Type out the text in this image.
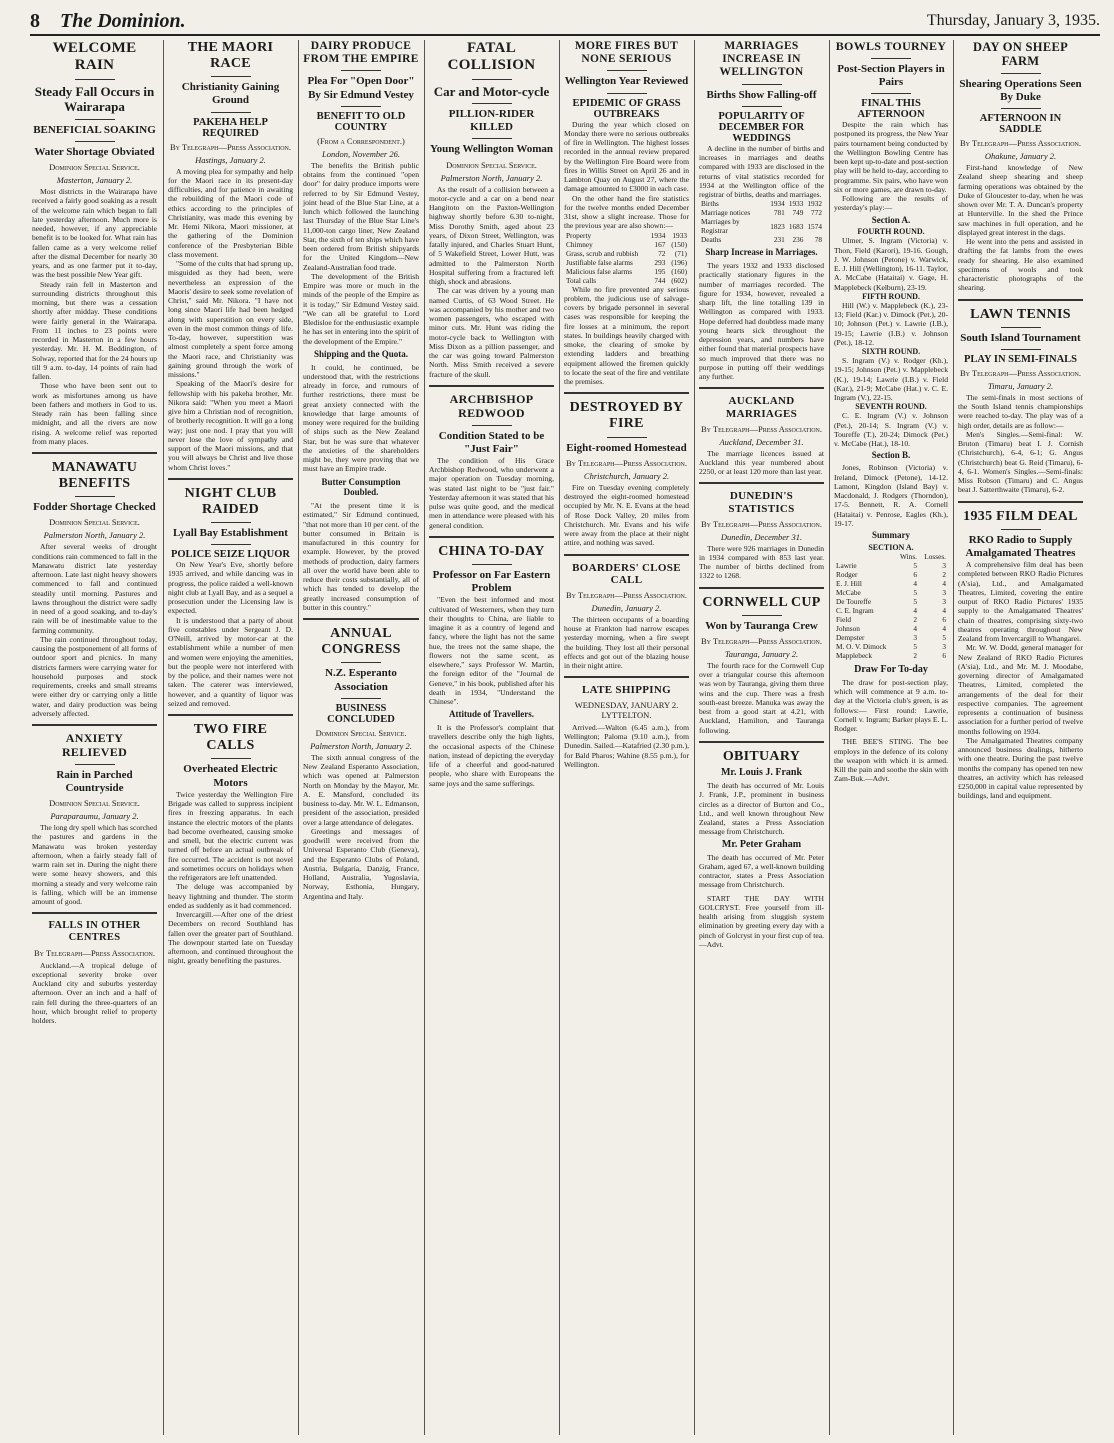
8 The Dominion.	Thursday, January 3, 1935.
WELCOME RAIN
Steady Fall Occurs in Wairarapa
BENEFICIAL SOAKING
Water Shortage Obviated
Dominion Special Service.
Masterton, January 2.

Most districts in the Wairarapa have received a fairly good soaking as a result of the welcome rain which began to fall late yesterday afternoon. Much more is needed, however, if any appreciable benefit is to be looked for. What rain has fallen came as a very welcome relief after the dismal December for nearly 30 years, and as one farmer put it to-day, was the best possible New Year gift.

Steady rain fell in Masterton and surrounding districts throughout this morning, but there was a cessation shortly after midday. These conditions were fairly general in the Wairarapa. From 11 inches to 23 points were recorded in Masterton in a few hours yesterday. Mr. H. M. Beddington, of Solway, reported that for the 24 hours up till 9 a.m. to-day, 14 points of rain had fallen.

Those who have been sent out to work as misfortunes among us have been fathers and mothers in God to us. Steady rain has been falling since midnight, and all the rivers are now rising. A welcome relief was reported from many places.

MANAWATU BENEFITS
Fodder Shortage Checked
Dominion Special Service.
Palmerston North, January 2.

After several weeks of drought conditions rain commenced to fall in the Manawatu district late yesterday afternoon. Late last night heavy showers commenced to fall and continued steadily until morning. Pastures and lawns throughout the district were sadly in need of a good soaking, and to-day's rain will be of inestimable value to the farming community.

The rain continued throughout today, causing the postponement of all forms of outdoor sport and picnics. In many districts farmers were carrying water for household purposes and stock requirements, creeks and small streams were either dry or carrying only a little water, and dairy production was being adversely affected.

ANXIETY RELIEVED
Rain in Parched Countryside
Dominion Special Service.
Paraparaumu, January 2.

The long dry spell which has scorched the pastures and gardens in the Manawatu was broken yesterday afternoon, when a fairly steady fall of warm rain set in. During the night there were some heavy showers, and this morning a steady and very welcome rain is falling, which will be an immense amount of good.

FALLS IN OTHER CENTRES
By Telegraph—Press Association.

Auckland.—A tropical deluge of exceptional severity broke over Auckland city and suburbs yesterday afternoon. Over an inch and a half of rain fell during the three-quarters of an hour, which brought relief to property holders.

THE MAORI RACE
Christianity Gaining Ground
PAKEHA HELP REQUIRED
By Telegraph—Press Association.
Hastings, January 2.

A moving plea for sympathy and help for the Maori race in its present-day difficulties, and for patience in awaiting the rebuilding of the Maori code of ethics according to the principles of Christianity, was made this evening by Mr. Hemi Nikora, Maori missioner, at the gathering of the Dominion conference of the Presbyterian Bible class movement.

"Some of the cults that had sprung up, misguided as they had been, were nevertheless an expression of the Maoris' desire to seek some revelation of Christ," said Mr. Nikora. "I have not long since Maori life had been hedged along with superstition on every side, even in the most common things of life. To-day, however, superstition was almost completely a spent force among the Maori race, and Christianity was gaining ground through the work of missions."

Speaking of the Maori's desire for fellowship with his pakeha brother, Mr. Nikora said: "When you meet a Maori give him a Christian nod of recognition, of brotherly recognition. It will go a long way; just one nod. I pray that you will never lose the love of sympathy and support of the Maori missions, and that you will always be Christ and live those whom Christ loves."

NIGHT CLUB RAIDED
Lyall Bay Establishment
POLICE SEIZE LIQUOR

On New Year's Eve, shortly before 1935 arrived, and while dancing was in progress, the police raided a well-known night club at Lyall Bay, and as a sequel a prosecution under the Licensing law is expected.

It is understood that a party of about five constables under Sergeant J. D. O'Neill, arrived by motor-car at the establishment while a number of men and women were enjoying the amenities, but the people were not interfered with by the police, and their names were not taken. The caterer was interviewed, however, and a quantity of liquor was seized and removed.

TWO FIRE CALLS
Overheated Electric Motors

Twice yesterday the Wellington Fire Brigade was called to suppress incipient fires in freezing apparatus. In each instance the electric motors of the plants had become overheated, causing smoke and smell, but the electric current was turned off before an actual outbreak of fire occurred. The accident is not novel and sometimes occurs on holidays when the refrigerators are left unattended.

The deluge was accompanied by heavy lightning and thunder. The storm ended as suddenly as it had commenced.

Invercargill.—After one of the driest Decembers on record Southland has fallen over the greater part of Southland. The downpour started late on Tuesday afternoon, and continued throughout the night, greatly benefiting the pastures.

DAIRY PRODUCE FROM THE EMPIRE
Plea For "Open Door" By Sir Edmund Vestey
BENEFIT TO OLD COUNTRY
(From a Correspondent.)
London, November 26.

The benefits the British public obtains from the continued "open door" for dairy produce imports were referred to by Sir Edmund Vestey, joint head of the Blue Star Line, at a lunch which followed the launching last Thursday of the Blue Star Line's 11,000-ton cargo liner, New Zealand Star, the sixth of ten ships which have been ordered from British shipyards for the United Kingdom—New Zealand-Australian food trade.

The development of the British Empire was more or much in the minds of the people of the Empire as it is today," Sir Edmund Vestey said. "We can all be grateful to Lord Bledisloe for the enthusiastic example he has set in entering into the spirit of the development of the Empire."

Shipping and the Quota.

It could, he continued, be understood that, with the restrictions already in force, and rumours of further restrictions, there must be great anxiety connected with the knowledge that large amounts of money were required for the building of ships such as the New Zealand Star, but he was sure that whatever the anxieties of the shareholders might be, they were proving that we must have an Empire trade.

Butter Consumption Doubled.

"At the present time it is estimated," Sir Edmund continued, "that not more than 10 per cent. of the butter consumed in Britain is manufactured in this country for example. However, by the proved methods of production, dairy farmers all over the world have been able to reduce their costs substantially, all of which has tended to develop the greatly increased consumption of butter in this country."

ANNUAL CONGRESS
N.Z. Esperanto Association
BUSINESS CONCLUDED
Dominion Special Service.
Palmerston North, January 2.

The sixth annual congress of the New Zealand Esperanto Association, which was opened at Palmerston North on Monday by the Mayor, Mr. A. E. Mansford, concluded its business to-day. Mr. W. L. Edmanson, president of the association, presided over a large attendance of delegates.

Greetings and messages of goodwill were received from the Universal Esperanto Club (Geneva), and the Esperanto Clubs of Poland, Austria, Bulgaria, Danzig, France, Holland, Australia, Yugoslavia, Norway, Esthonia, Hungary, Argentina and Italy.

FATAL COLLISION
Car and Motor-cycle
PILLION-RIDER KILLED
Young Wellington Woman
Dominion Special Service.
Palmerston North, January 2.

As the result of a collision between a motor-cycle and a car on a bend near Hangitoto on the Paxton-Wellington highway shortly before 6.30 to-night, Miss Dorothy Smith, aged about 23 years, of Dixon Street, Wellington, was fatally injured, and Charles Stuart Hunt, of 5 Wakefield Street, Lower Hutt, was admitted to the Palmerston North Hospital suffering from a fractured left thigh, shock and abrasions.

The car was driven by a young man named Curtis, of 63 Wood Street. He was accompanied by his mother and two women passengers, who escaped with minor cuts. Mr. Hunt was riding the motor-cycle back to Wellington with Miss Dixon as a pillion passenger, and the car was going toward Palmerston North. Miss Smith received a severe fracture of the skull.

ARCHBISHOP REDWOOD
Condition Stated to be "Just Fair"

The condition of His Grace Archbishop Redwood, who underwent a major operation on Tuesday morning, was stated last night to be "just fair." Yesterday afternoon it was stated that his pulse was quite good, and the medical men in attendance were pleased with his general condition.

CHINA TO-DAY
Professor on Far Eastern Problem

"Even the best informed and most cultivated of Westerners, when they turn their thoughts to China, are liable to imagine it as a country of legend and fancy, where the light has not the same hue, the trees not the same shape, the flowers not the same scent, as elsewhere," says Professor W. Martin, the foreign editor of the "Journal de Geneve," in his book, published after his death in 1934, "Understand the Chinese".

Attitude of Travellers.

It is the Professor's complaint that travellers describe only the high lights, the occasional aspects of the Chinese nation, instead of depicting the everyday life of a cheerful and good-natured people, who share with Europeans the same joys and the same sufferings.

MORE FIRES BUT NONE SERIOUS
Wellington Year Reviewed
EPIDEMIC OF GRASS OUTBREAKS

During the year which closed on Monday there were no serious outbreaks of fire in Wellington. The highest losses recorded in the annual review prepared by the Wellington Fire Board were from fires in Willis Street on April 26 and in Lambton Quay on August 27, where the damage amounted to £3000 in each case.

On the other hand the fire statistics for the twelve months ended December 31st, show a slight increase. Those for the previous year are also shown:—

Property	1934	1933
Chimney	167	(150)
Grass, scrub and rubbish	72	(71)
Justifiable false alarms	293	(196)
Malicious false alarms	195	(160)
Total calls	744	(602)

While no fire prevented any serious problem, the judicious use of salvage-covers by brigade personnel in several cases was responsible for keeping the fire losses at a minimum, the report states. In buildings heavily charged with smoke, the clearing of smoke by extending ladders and breathing equipment allowed the firemen quickly to locate the seat of the fire and ventilate the premises.

DESTROYED BY FIRE
Eight-roomed Homestead
By Telegraph—Press Association.
Christchurch, January 2.

Fire on Tuesday evening completely destroyed the eight-roomed homestead occupied by Mr. N. E. Evans at the head of Rose Dock Valley, 20 miles from Christchurch. Mr. Evans and his wife were away from the place at their night attire, and nothing was saved.

BOARDERS' CLOSE CALL
By Telegraph—Press Association.
Dunedin, January 2.

The thirteen occupants of a boarding house at Frankton had narrow escapes yesterday morning, when a fire swept the building. They lost all their personal effects and got out of the blazing house in their night attire.

LATE SHIPPING
WEDNESDAY, JANUARY 2. LYTTELTON.

Arrived.—Walton (6.45 a.m.), from Wellington; Paloma (9.10 a.m.), from Dunedin. Sailed.—Katafried (2.30 p.m.), for Bald Pharos; Wahine (8.55 p.m.), for Wellington.

MARRIAGES INCREASE IN WELLINGTON
Births Show Falling-off
POPULARITY OF DECEMBER FOR WEDDINGS

A decline in the number of births and increases in marriages and deaths compared with 1933 are disclosed in the returns of vital statistics recorded for 1934 at the Wellington office of the registrar of births, deaths and marriages.

Births	1934	1933	1932
Marriage notices	781	749	772
Marriages by Registrar	1823	1683	1574
Deaths	231	236	78
Sharp Increase in Marriages.

The years 1932 and 1933 disclosed practically stationary figures in the number of marriages recorded. The figure for 1934, however, revealed a sharp lift, the line totalling 139 in Wellington as compared with 1933. Hope deferred had doubtless made many young hearts sick throughout the depression years, and numbers have either found that material prospects have so much improved that there was no purpose in putting off their weddings any further.

AUCKLAND MARRIAGES
By Telegraph—Press Association.
Auckland, December 31.

The marriage licences issued at Auckland this year numbered about 2250, or at least 120 more than last year.

DUNEDIN'S STATISTICS
By Telegraph—Press Association.
Dunedin, December 31.

There were 926 marriages in Dunedin in 1934 compared with 853 last year. The number of births declined from 1322 to 1268.

CORNWELL CUP
Won by Tauranga Crew
By Telegraph—Press Association.
Tauranga, January 2.

The fourth race for the Cornwell Cup over a triangular course this afternoon was won by Tauranga, giving them three wins and the cup. There was a fresh south-east breeze. Manuka was away the best from a good start at 4.21, with Auckland, Hamilton, and Tauranga following.

OBITUARY
Mr. Louis J. Frank

The death has occurred of Mr. Louis J. Frank, J.P., prominent in business circles as a director of Burton and Co., Ltd., and well known throughout New Zealand, states a Press Association message from Christchurch.

Mr. Peter Graham

The death has occurred of Mr. Peter Graham, aged 67, a well-known building contractor, states a Press Association message from Christchurch.

START THE DAY WITH GOLCRYST. Free yourself from ill-health arising from sluggish system elimination by greeting every day with a pinch of Golcryst in your first cup of tea.—Advt.

BOWLS TOURNEY
Post-Section Players in Pairs
FINAL THIS AFTERNOON

Despite the rain which has postponed its progress, the New Year pairs tournament being conducted by the Wellington Bowling Centre has been kept up-to-date and post-section play will be held to-day, according to programme. Six pairs, who have won six or more games, are drawn to-day.

Following are the results of yesterday's play:—

Section A.
FOURTH ROUND.

Ulmer, S. Ingram (Victoria) v. Thon, Field (Karori), 19-16. Gough, J. W. Johnson (Petone) v. Warwick, E. J. Hill (Wellington), 16-11. Taylor, A. McCabe (Hataitai) v. Gage, H. Mapplebeck (Kelburn), 23-19.

FIFTH ROUND.

Hill (W.) v. Mapplebeck (K.), 23-13; Field (Kar.) v. Dimock (Pet.), 20-10; Johnson (Pet.) v. Lawrie (I.B.), 19-15; Lawrie (I.B.) v. Johnson (Pet.), 18-12.

SIXTH ROUND.

S. Ingram (V.) v. Rodger (Kh.), 19-15; Johnson (Pet.) v. Mapplebeck (K.), 19-14; Lawrie (I.B.) v. Field (Kar.), 21-9; McCabe (Hat.) v. C. E. Ingram (V.), 22-15.

SEVENTH ROUND.

C. E. Ingram (V.) v. Johnson (Pet.), 20-14; S. Ingram (V.) v. Toureffe (T.), 20-24; Dimock (Pet.) v. McCabe (Hat.), 18-10.

Section B.

Jones, Robinson (Victoria) v. Ireland, Dimock (Petone), 14-12. Lamont, Kingdon (Island Bay) v. Macdonald, J. Rodgers (Thorndon), 17-5. Bennett, R. A. Cornell (Hataitai) v. Penrose, Eagles (Kh.), 19-17.

Summary
SECTION A.
	Wins.	Losses.
Lawrie	5	3
Rodger	6	2
E. J. Hill	4	4
McCabe	5	3
De Toureffe	5	3
C. E. Ingram	4	4
Field	2	6
Johnson	4	4
Dempster	3	5
M. O. V. Dimock	5	3
Mapplebeck	2	6
Draw For To-day

The draw for post-section play, which will commence at 9 a.m. to-day at the Victoria club's green, is as follows:— First round: Lawrie, Cornell v. Ingram; Barker plays E. L. Rodger.

THE BEE'S STING. The bee employs in the defence of its colony the weapon with which it is armed. Kill the pain and soothe the skin with Zam-Buk.—Advt.

DAY ON SHEEP FARM
Shearing Operations Seen By Duke
AFTERNOON IN SADDLE
By Telegraph—Press Association.
Ohakune, January 2.

First-hand knowledge of New Zealand sheep shearing and sheep farming operations was obtained by the Duke of Gloucester to-day, when he was shown over Mr. T. A. Duncan's property at Hunterville. In the shed the Prince saw machines in full operation, and he displayed great interest in the dags.

He went into the pens and assisted in drafting the fat lambs from the ewes ready for shearing. He also examined specimens of wools and took characteristic photographs of the shearing.

LAWN TENNIS
South Island Tournament
PLAY IN SEMI-FINALS
By Telegraph—Press Association.
Timaru, January 2.

The semi-finals in most sections of the South Island tennis championships were reached to-day. The play was of a high order, details are as follow:—

Men's Singles.—Semi-final: W. Bruton (Timaru) beat I. J. Cornish (Christchurch), 6-4, 6-1; G. Angus (Christchurch) beat G. Reid (Timaru), 6-4, 6-1. Women's Singles.—Semi-finals: Miss Robson (Timaru) and C. Angus beat J. Satterthwaite (Timaru), 6-2.

1935 FILM DEAL
RKO Radio to Supply Amalgamated Theatres

A comprehensive film deal has been completed between RKO Radio Pictures (A'sia), Ltd., and Amalgamated Theatres, Limited, covering the entire output of RKO Radio Pictures' 1935 supply to the Amalgamated Theatres' chain of theatres, comprising sixty-two theatres operating throughout New Zealand from Invercargill to Whangarei.

Mr. W. W. Dodd, general manager for New Zealand of RKO Radio Pictures (A'sia), Ltd., and Mr. M. J. Moodabe, governing director of Amalgamated Theatres, Limited, completed the arrangements of the deal for their respective companies. The agreement represents a continuation of business association for a further period of twelve months following on 1934.

The Amalgamated Theatres company announced business dealings, hitherto with one theatre. During the past twelve months the company has opened ten new theatres, an activity which has released £250,000 in capital value represented by buildings, land and equipment.
